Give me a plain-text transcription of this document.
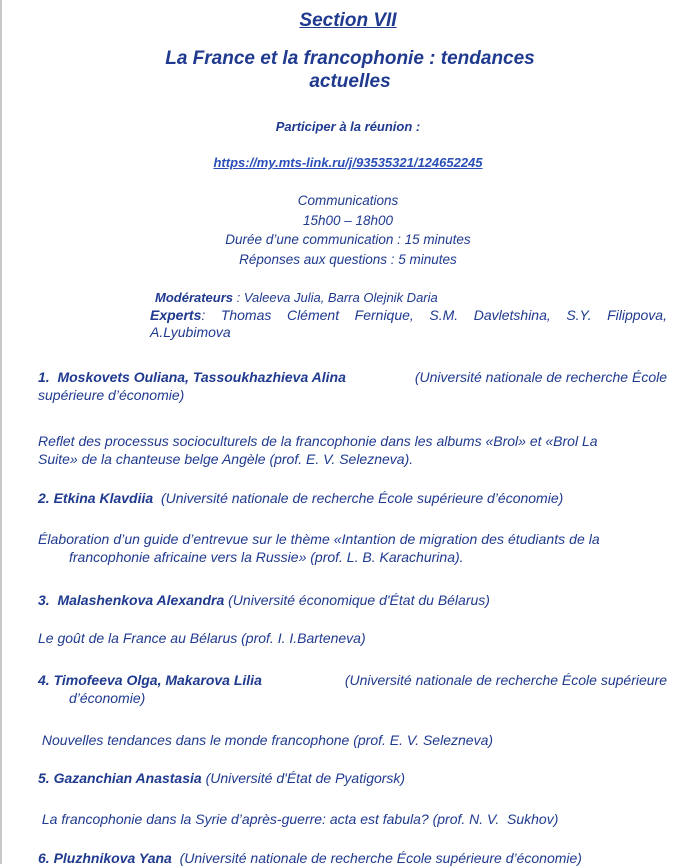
Section VII
La France et la francophonie : tendances
actuelles
Participer à la réunion :
https://my.mts-link.ru/j/93535321/124652245
Communications
15h00 – 18h00
Durée d’une communication : 15 minutes
Réponses aux questions : 5 minutes
Modérateurs : Valeeva Julia, Barra Olejnik Daria
Experts: Thomas Clément Fernique, S.M. Davletshina, S.Y. Filippova,
A.Lyubimova
1. Moskovets Ouliana, Tassoukhazhieva Alina	(Université nationale de recherche École
supérieure d’économie)
Reflet des processus socioculturels de la francophonie dans les albums «Brol» et «Brol La
Suite» de la chanteuse belge Angèle (prof. E. V. Selezneva).
2. Etkina Klavdiia (Université nationale de recherche École supérieure d’économie)
Élaboration d’un guide d’entrevue sur le thème «Intantion de migration des étudiants de la
francophonie africaine vers la Russie» (prof. L. B. Karachurina).
3. Malashenkova Alexandra (Université économique d'État du Bélarus)
Le goût de la France au Bélarus (prof. I. I.Barteneva)
4. Timofeeva Olga, Makarova Lilia	(Université nationale de recherche École supérieure
d’économie)
Nouvelles tendances dans le monde francophone (prof. E. V. Selezneva)
5. Gazanchian Anastasia (Université d'État de Pyatigorsk)
La francophonie dans la Syrie d’après-guerre: acta est fabula? (prof. N. V.  Sukhov)
6. Pluzhnikova Yana (Université nationale de recherche École supérieure d’économie)
